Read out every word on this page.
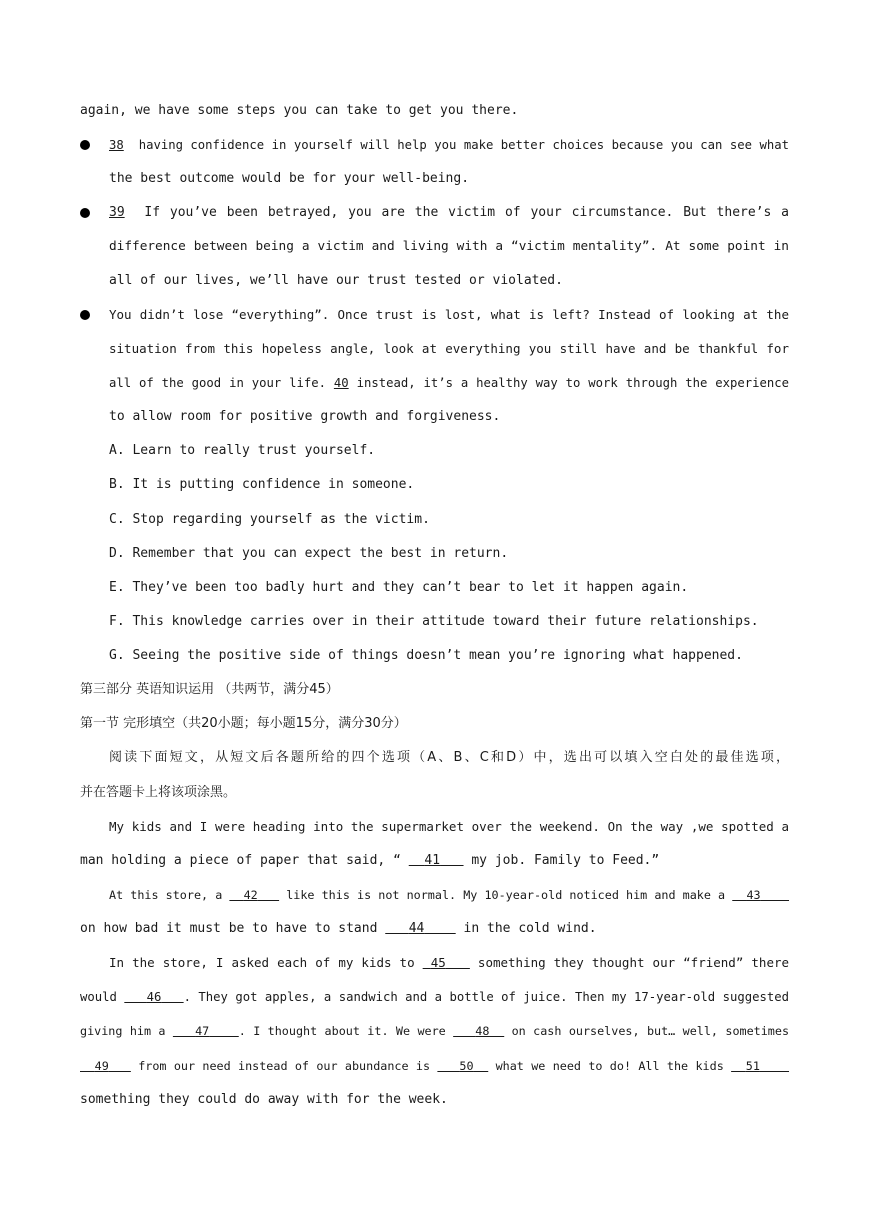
again, we have some steps you can take to get you there.
38 having confidence in yourself will help you make better choices because you can see what
the best outcome would be for your well-being.
39 If you’ve been betrayed, you are the victim of your circumstance. But there’s a
difference between being a victim and living with a “victim mentality”. At some point in
all of our lives, we’ll have our trust tested or violated.
You didn’t lose “everything”. Once trust is lost, what is left? Instead of looking at the
situation from this hopeless angle, look at everything you still have and be thankful for
all of the good in your life. 40 instead, it’s a healthy way to work through the experience
to allow room for positive growth and forgiveness.
A. Learn to really trust yourself.
B. It is putting confidence in someone.
C. Stop regarding yourself as the victim.
D. Remember that you can expect the best in return.
E. They’ve been too badly hurt and they can’t bear to let it happen again.
F. This knowledge carries over in their attitude toward their future relationships.
G. Seeing the positive side of things doesn’t mean you’re ignoring what happened.
第三部分 英语知识运用 （共两节，满分45）
第一节 完形填空（共20小题；每小题15分，满分30分）
阅读下面短文，从短文后各题所给的四个选项（A、B、C和D）中，选出可以填入空白处的最佳选项，
并在答题卡上将该项涂黑。
My kids and I were heading into the supermarket over the weekend. On the way ,we spotted a
man holding a piece of paper that said, “ 41 my job. Family to Feed.”
At this store, a 42 like this is not normal. My 10-year-old noticed him and make a 43
on how bad it must be to have to stand 44	in the cold wind.
In the store, I asked each of my kids to 45	something they thought our “friend” there
would 46 . They got apples, a sandwich and a bottle of juice. Then my 17-year-old suggested
giving him a	47	. I thought about it. We were	48 on cash ourselves, but… well, sometimes
49 from our need instead of our abundance is 50 what we need to do! All the kids 51
something they could do away with for the week.
